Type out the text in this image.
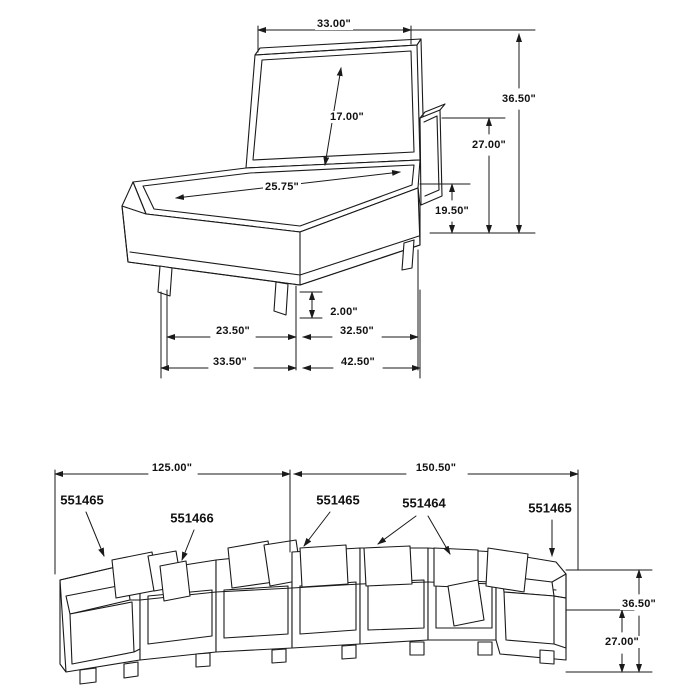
33.00"
17.00"
25.75"
36.50"
27.00"
19.50"
2.00"
23.50"	32.50"
33.50"	42.50"
125.00"	150.50"
36.50"
27.00"
551465
551466
551465	551464	551465
